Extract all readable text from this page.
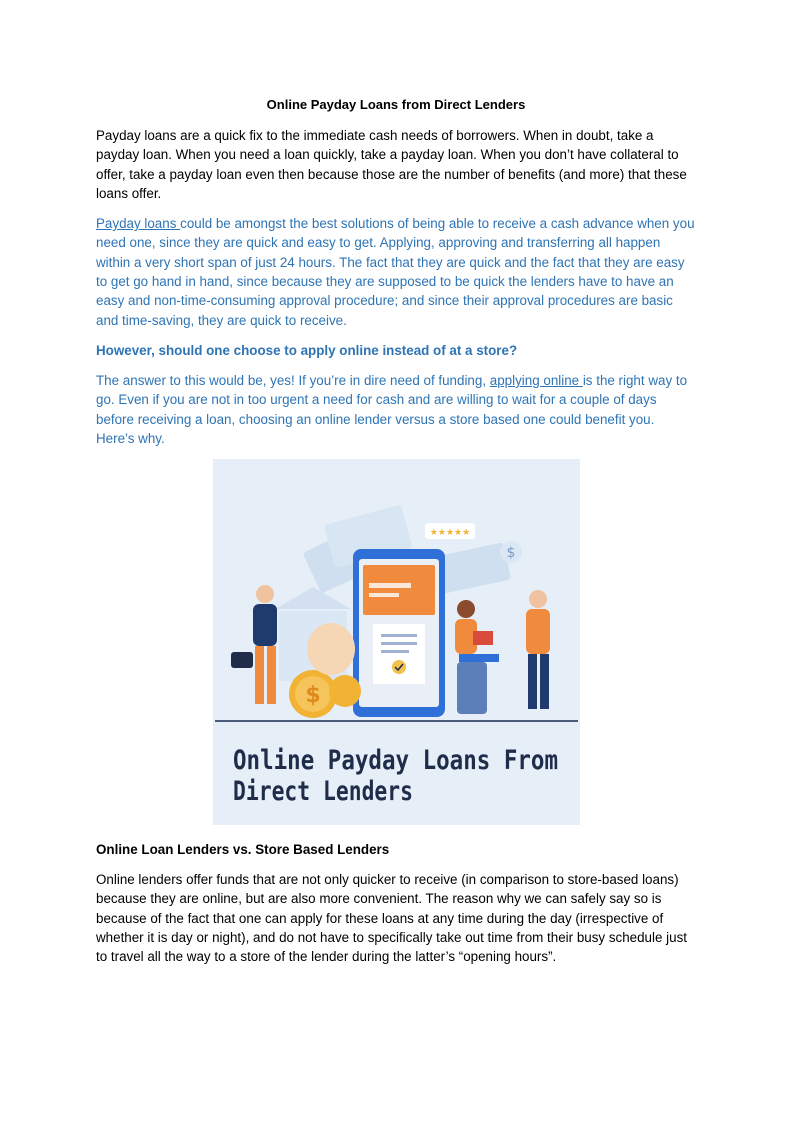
Online Payday Loans from Direct Lenders

Payday loans are a quick fix to the immediate cash needs of borrowers. When in doubt, take a payday loan. When you need a loan quickly, take a payday loan. When you don’t have collateral to offer, take a payday loan even then because those are the number of benefits (and more) that these loans offer.

Payday loans could be amongst the best solutions of being able to receive a cash advance when you need one, since they are quick and easy to get. Applying, approving and transferring all happen within a very short span of just 24 hours. The fact that they are quick and the fact that they are easy to get go hand in hand, since because they are supposed to be quick the lenders have to have an easy and non-time-consuming approval procedure; and since their approval procedures are basic and time-saving, they are quick to receive.

However, should one choose to apply online instead of at a store?

The answer to this would be, yes! If you’re in dire need of funding, applying online is the right way to go. Even if you are not in too urgent a need for cash and are willing to wait for a couple of days before receiving a loan, choosing an online lender versus a store based one could benefit you. Here’s why.

★★★★★
$
$
Online Payday Loans From
Direct Lenders
Online Loan Lenders vs. Store Based Lenders

Online lenders offer funds that are not only quicker to receive (in comparison to store-based loans) because they are online, but are also more convenient. The reason why we can safely say so is because of the fact that one can apply for these loans at any time during the day (irrespective of whether it is day or night), and do not have to specifically take out time from their busy schedule just to travel all the way to a store of the lender during the latter’s “opening hours”.
